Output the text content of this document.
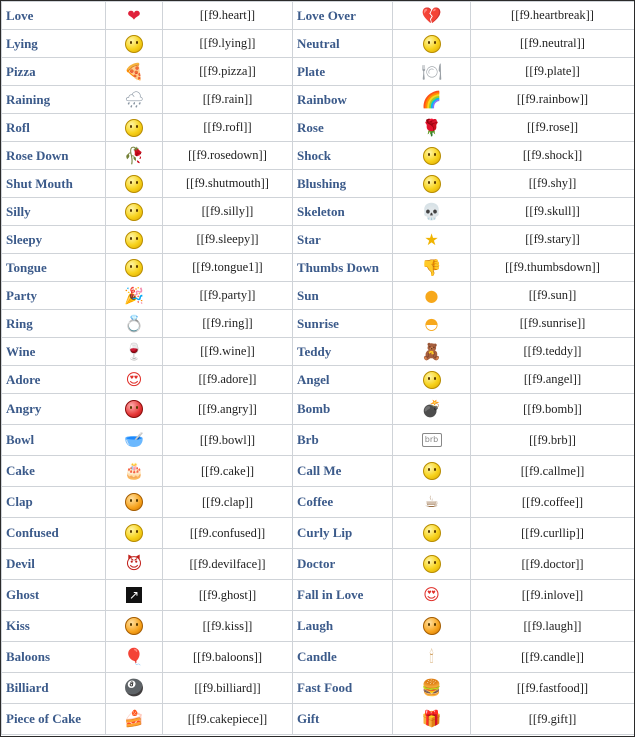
Love	❤	[[f9.heart]]	Love Over	💔	[[f9.heartbreak]]
Lying		[[f9.lying]]	Neutral		[[f9.neutral]]
Pizza	🍕	[[f9.pizza]]	Plate	🍽	[[f9.plate]]
Raining	🌧	[[f9.rain]]	Rainbow	🌈	[[f9.rainbow]]
Rofl		[[f9.rofl]]	Rose	🌹	[[f9.rose]]
Rose Down	🥀	[[f9.rosedown]]	Shock		[[f9.shock]]
Shut Mouth		[[f9.shutmouth]]	Blushing		[[f9.shy]]
Silly		[[f9.silly]]	Skeleton	💀	[[f9.skull]]
Sleepy		[[f9.sleepy]]	Star	★	[[f9.stary]]
Tongue		[[f9.tongue1]]	Thumbs Down	👎	[[f9.thumbsdown]]
Party	🎉	[[f9.party]]	Sun	●	[[f9.sun]]
Ring	💍	[[f9.ring]]	Sunrise	◓	[[f9.sunrise]]
Wine	🍷	[[f9.wine]]	Teddy	🧸	[[f9.teddy]]
Adore	😍	[[f9.adore]]	Angel		[[f9.angel]]
Angry		[[f9.angry]]	Bomb	💣	[[f9.bomb]]
Bowl	🥣	[[f9.bowl]]	Brb	brb	[[f9.brb]]
Cake	🎂	[[f9.cake]]	Call Me		[[f9.callme]]
Clap		[[f9.clap]]	Coffee	☕	[[f9.coffee]]
Confused		[[f9.confused]]	Curly Lip		[[f9.curllip]]
Devil	😈	[[f9.devilface]]	Doctor		[[f9.doctor]]
Ghost	↗	[[f9.ghost]]	Fall in Love	😍	[[f9.inlove]]
Kiss		[[f9.kiss]]	Laugh		[[f9.laugh]]
Baloons	🎈	[[f9.baloons]]	Candle	🕯	[[f9.candle]]
Billiard	🎱	[[f9.billiard]]	Fast Food	🍔	[[f9.fastfood]]
Piece of Cake	🍰	[[f9.cakepiece]]	Gift	🎁	[[f9.gift]]
